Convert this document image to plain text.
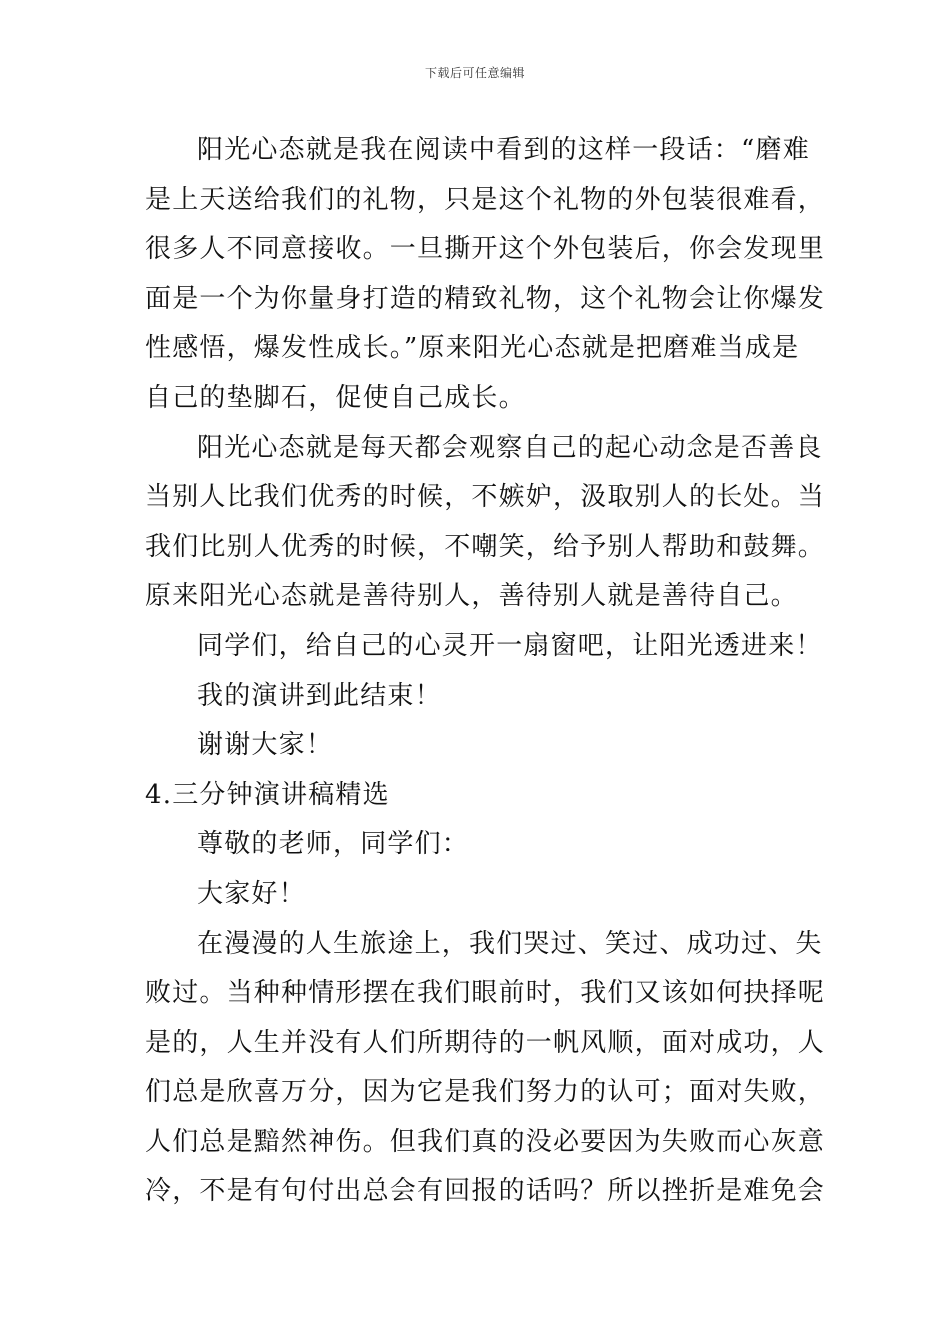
下载后可任意编辑

阳光心态就是我在阅读中看到的这样一段话：“磨难
是上天送给我们的礼物，只是这个礼物的外包装很难看，
很多人不同意接收。一旦撕开这个外包装后，你会发现里
面是一个为你量身打造的精致礼物，这个礼物会让你爆发
性感悟，爆发性成长。”原来阳光心态就是把磨难当成是
自己的垫脚石，促使自己成长。

阳光心态就是每天都会观察自己的起心动念是否善良
当别人比我们优秀的时候，不嫉妒，汲取别人的长处。当
我们比别人优秀的时候，不嘲笑，给予别人帮助和鼓舞。
原来阳光心态就是善待别人，善待别人就是善待自己。

同学们，给自己的心灵开一扇窗吧，让阳光透进来！

我的演讲到此结束！

谢谢大家！

4.三分钟演讲稿精选

尊敬的老师，同学们：

大家好！

在漫漫的人生旅途上，我们哭过、笑过、成功过、失
败过。当种种情形摆在我们眼前时，我们又该如何抉择呢
是的，人生并没有人们所期待的一帆风顺，面对成功，人
们总是欣喜万分，因为它是我们努力的认可；面对失败，
人们总是黯然神伤。但我们真的没必要因为失败而心灰意
冷，不是有句付出总会有回报的话吗？所以挫折是难免会
